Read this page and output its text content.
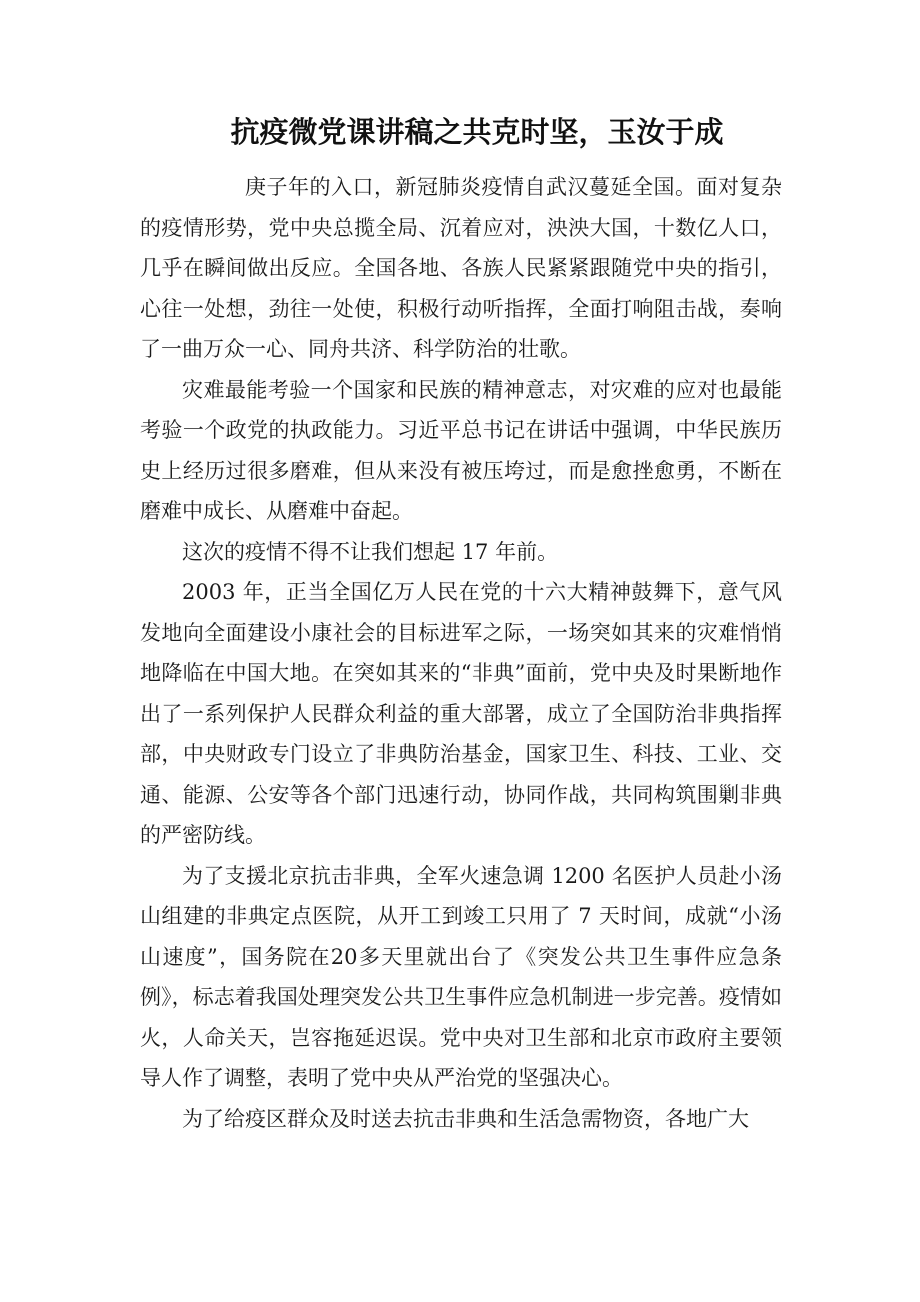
抗疫微党课讲稿之共克时坚，玉汝于成

庚子年的入口，新冠肺炎疫情自武汉蔓延全国。面对复杂的疫情形势，党中央总揽全局、沉着应对，泱泱大国，十数亿人口，几乎在瞬间做出反应。全国各地、各族人民紧紧跟随党中央的指引，心往一处想，劲往一处使，积极行动听指挥，全面打响阻击战，奏响了一曲万众一心、同舟共济、科学防治的壮歌。

灾难最能考验一个国家和民族的精神意志，对灾难的应对也最能考验一个政党的执政能力。习近平总书记在讲话中强调，中华民族历史上经历过很多磨难，但从来没有被压垮过，而是愈挫愈勇，不断在磨难中成长、从磨难中奋起。

这次的疫情不得不让我们想起 17 年前。

2003 年，正当全国亿万人民在党的十六大精神鼓舞下，意气风发地向全面建设小康社会的目标进军之际，一场突如其来的灾难悄悄地降临在中国大地。在突如其来的“非典”面前，党中央及时果断地作出了一系列保护人民群众利益的重大部署，成立了全国防治非典指挥部，中央财政专门设立了非典防治基金，国家卫生、科技、工业、交通、能源、公安等各个部门迅速行动，协同作战，共同构筑围剿非典的严密防线。

为了支援北京抗击非典，全军火速急调 1200 名医护人员赴小汤山组建的非典定点医院，从开工到竣工只用了 7 天时间，成就“小汤山速度”，国务院在20多天里就出台了《突发公共卫生事件应急条例》，标志着我国处理突发公共卫生事件应急机制进一步完善。疫情如火，人命关天，岂容拖延迟误。党中央对卫生部和北京市政府主要领导人作了调整，表明了党中央从严治党的坚强决心。

为了给疫区群众及时送去抗击非典和生活急需物资，各地广大
